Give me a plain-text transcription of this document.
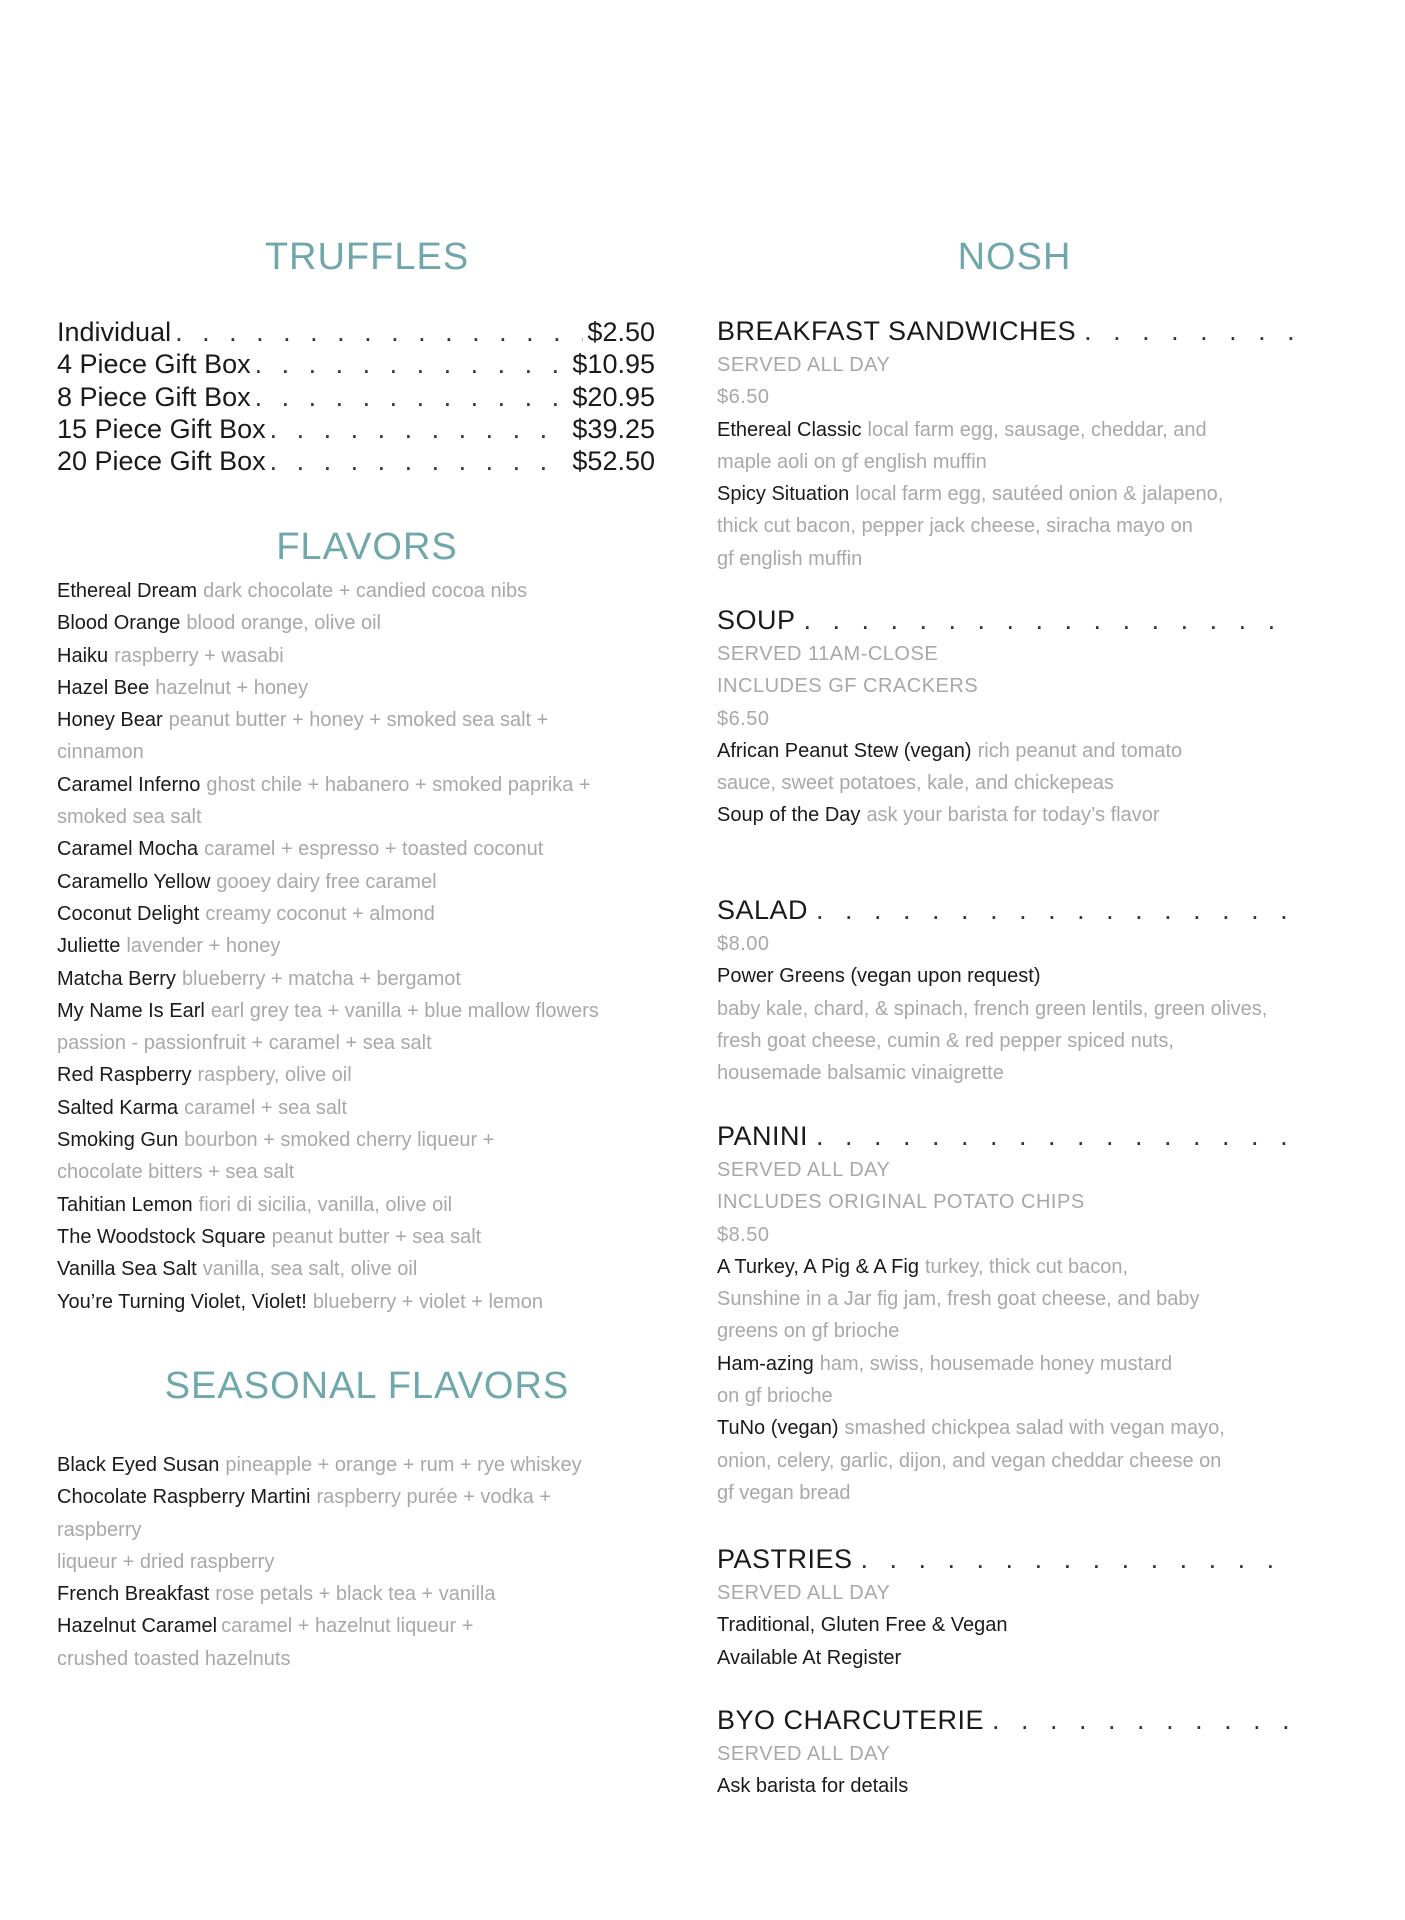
TRUFFLES
Individual . . .	$2.50
4 Piece Gift Box . . .	$10.95
8 Piece Gift Box . . .	$20.95
15 Piece Gift Box . . .	$39.25
20 Piece Gift Box . . .	$52.50
FLAVORS

Ethereal Dream dark chocolate + candied cocoa nibs

Blood Orange blood orange, olive oil

Haiku raspberry + wasabi

Hazel Bee hazelnut + honey

Honey Bear peanut butter + honey + smoked sea salt +

cinnamon

Caramel Inferno ghost chile + habanero + smoked paprika +

smoked sea salt

Caramel Mocha caramel + espresso + toasted coconut

Caramello Yellow gooey dairy free caramel

Coconut Delight creamy coconut + almond

Juliette lavender + honey

Matcha Berry blueberry + matcha + bergamot

My Name Is Earl earl grey tea + vanilla + blue mallow flowers

passion - passionfruit + caramel + sea salt

Red Raspberry raspbery, olive oil

Salted Karma caramel + sea salt

Smoking Gun bourbon + smoked cherry liqueur +

chocolate bitters + sea salt

Tahitian Lemon fiori di sicilia, vanilla, olive oil

The Woodstock Square peanut butter + sea salt

Vanilla Sea Salt vanilla, sea salt, olive oil

You’re Turning Violet, Violet! blueberry + violet + lemon

SEASONAL FLAVORS

Black Eyed Susan pineapple + orange + rum + rye whiskey

Chocolate Raspberry Martini raspberry purée + vodka +

raspberry

liqueur + dried raspberry

French Breakfast rose petals + black tea + vanilla

Hazelnut Caramel caramel + hazelnut liqueur +

crushed toasted hazelnuts

NOSH
BREAKFAST SANDWICHES
. . .
SERVED ALL DAY
$6.50
Ethereal Classic local farm egg, sausage, cheddar, and
maple aoli on gf english muffin
Spicy Situation local farm egg, sautéed onion & jalapeno,
thick cut bacon, pepper jack cheese, siracha mayo on
gf english muffin
SOUP
. . .
SERVED 11AM-CLOSE
INCLUDES GF CRACKERS
$6.50
African Peanut Stew (vegan) rich peanut and tomato
sauce, sweet potatoes, kale, and chickepeas
Soup of the Day ask your barista for today’s flavor
SALAD
. . .
$8.00
Power Greens (vegan upon request)
baby kale, chard, & spinach, french green lentils, green olives,
fresh goat cheese, cumin & red pepper spiced nuts,
housemade balsamic vinaigrette
PANINI
. . .
SERVED ALL DAY
INCLUDES ORIGINAL POTATO CHIPS
$8.50
A Turkey, A Pig & A Fig turkey, thick cut bacon,
Sunshine in a Jar fig jam, fresh goat cheese, and baby
greens on gf brioche
Ham-azing ham, swiss, housemade honey mustard
on gf brioche
TuNo (vegan) smashed chickpea salad with vegan mayo,
onion, celery, garlic, dijon, and vegan cheddar cheese on
gf vegan bread
PASTRIES
. . .
SERVED ALL DAY
Traditional, Gluten Free & Vegan
Available At Register
BYO CHARCUTERIE
. . .
SERVED ALL DAY
Ask barista for details
